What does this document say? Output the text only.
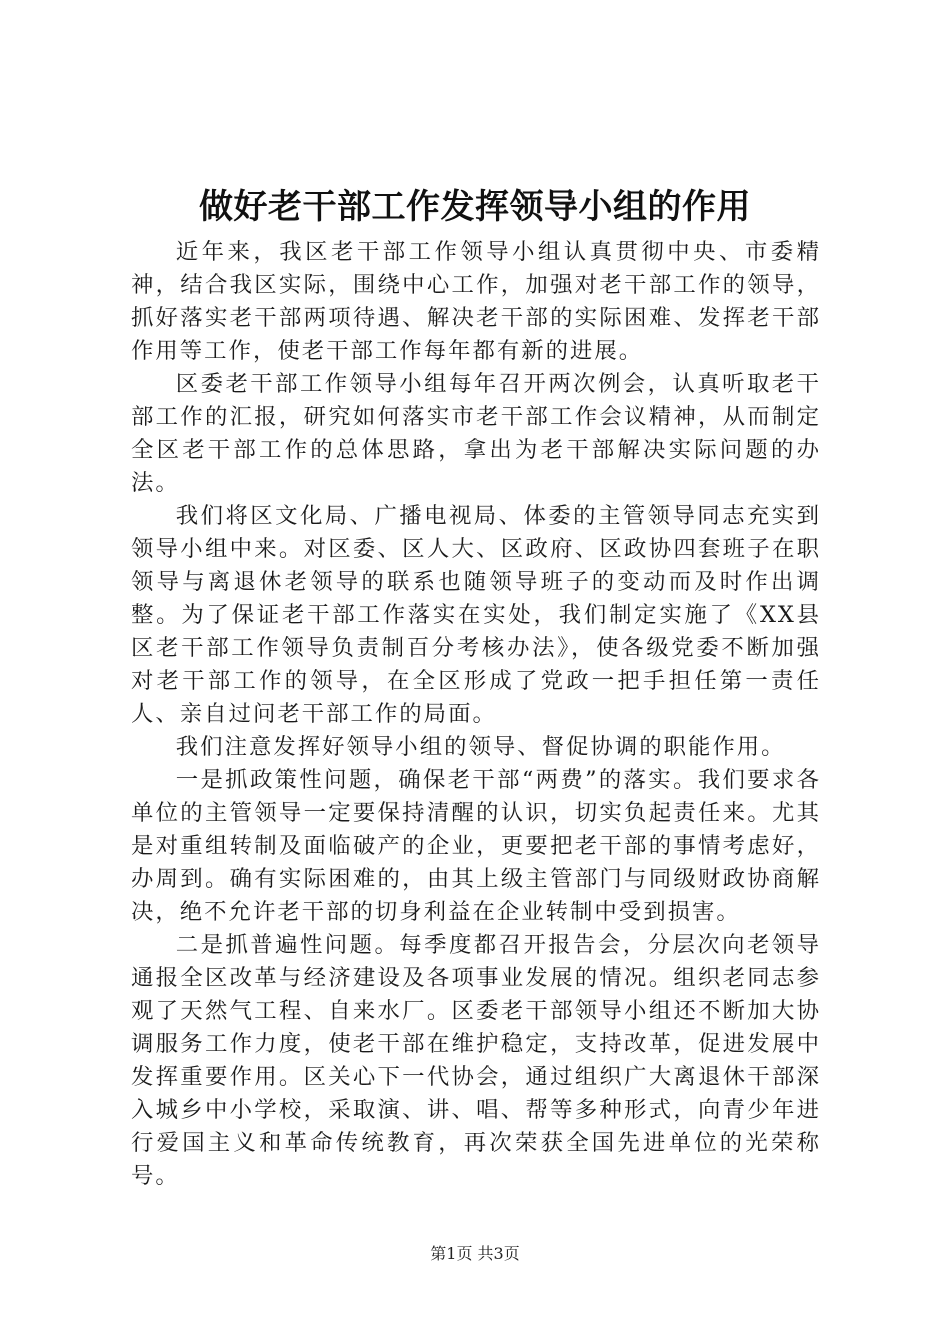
做好老干部工作发挥领导小组的作用

近年来，我区老干部工作领导小组认真贯彻中央、市委精神，结合我区实际，围绕中心工作，加强对老干部工作的领导，抓好落实老干部两项待遇、解决老干部的实际困难、发挥老干部作用等工作，使老干部工作每年都有新的进展。

区委老干部工作领导小组每年召开两次例会，认真听取老干部工作的汇报，研究如何落实市老干部工作会议精神，从而制定全区老干部工作的总体思路，拿出为老干部解决实际问题的办法。

我们将区文化局、广播电视局、体委的主管领导同志充实到领导小组中来。对区委、区人大、区政府、区政协四套班子在职领导与离退休老领导的联系也随领导班子的变动而及时作出调整。为了保证老干部工作落实在实处，我们制定实施了《XX县区老干部工作领导负责制百分考核办法》，使各级党委不断加强对老干部工作的领导，在全区形成了党政一把手担任第一责任人、亲自过问老干部工作的局面。

我们注意发挥好领导小组的领导、督促协调的职能作用。

一是抓政策性问题，确保老干部“两费”的落实。我们要求各单位的主管领导一定要保持清醒的认识，切实负起责任来。尤其是对重组转制及面临破产的企业，更要把老干部的事情考虑好，办周到。确有实际困难的，由其上级主管部门与同级财政协商解决，绝不允许老干部的切身利益在企业转制中受到损害。

二是抓普遍性问题。每季度都召开报告会，分层次向老领导通报全区改革与经济建设及各项事业发展的情况。组织老同志参观了天然气工程、自来水厂。区委老干部领导小组还不断加大协调服务工作力度，使老干部在维护稳定，支持改革，促进发展中发挥重要作用。区关心下一代协会，通过组织广大离退休干部深入城乡中小学校，采取演、讲、唱、帮等多种形式，向青少年进行爱国主义和革命传统教育，再次荣获全国先进单位的光荣称号。

第1页 共3页
